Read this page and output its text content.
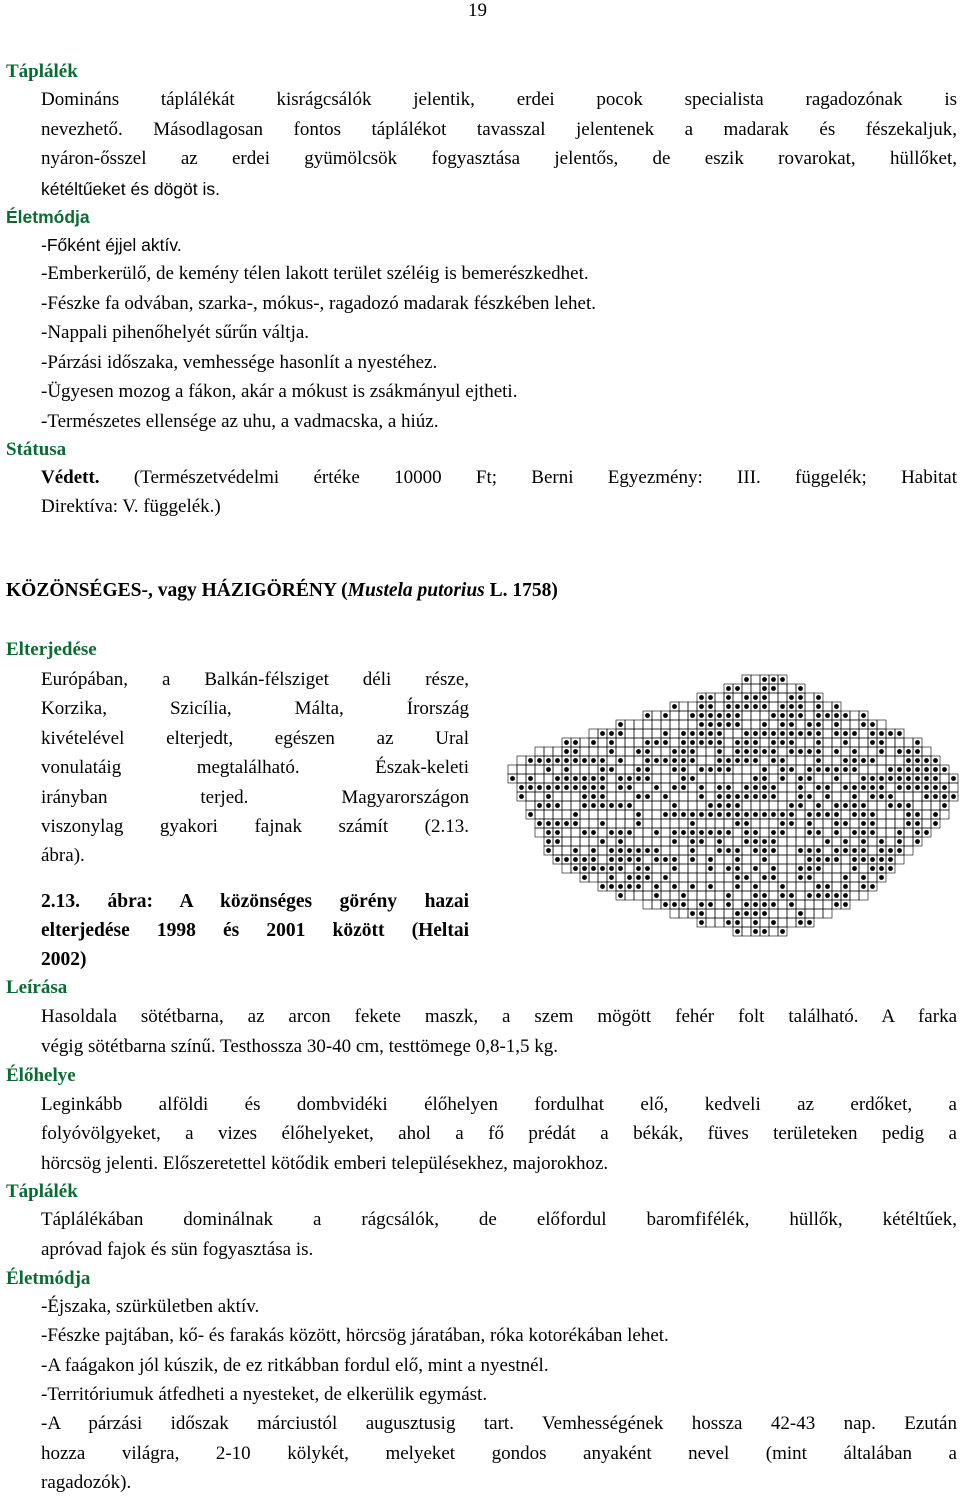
19
Táplálék
Domináns táplálékát kisrágcsálók jelentik, erdei pocok specialista ragadozónak is
nevezhető. Másodlagosan fontos táplálékot tavasszal jelentenek a madarak és fészekaljuk,
nyáron-ősszel az erdei gyümölcsök fogyasztása jelentős, de eszik rovarokat, hüllőket,
kétéltűeket és dögöt is.
Életmódja
-Főként éjjel aktív.
-Emberkerülő, de kemény télen lakott terület széléig is bemerészkedhet.
-Fészke fa odvában, szarka-, mókus-, ragadozó madarak fészkében lehet.
-Nappali pihenőhelyét sűrűn váltja.
-Párzási időszaka, vemhessége hasonlít a nyestéhez.
-Ügyesen mozog a fákon, akár a mókust is zsákmányul ejtheti.
-Természetes ellensége az uhu, a vadmacska, a hiúz.
Státusa
Védett. (Természetvédelmi értéke 10000 Ft; Berni Egyezmény: III. függelék; Habitat
Direktíva: V. függelék.)
KÖZÖNSÉGES-, vagy HÁZIGÖRÉNY (Mustela putorius L. 1758)
Elterjedése
Európában, a Balkán-félsziget déli része,
Korzika, Szicília, Málta, Írország
kivételével elterjedt, egészen az Ural
vonulatáig megtalálható. Észak-keleti
irányban terjed. Magyarországon
viszonylag gyakori fajnak számít (2.13.
ábra).
2.13. ábra: A közönséges görény hazai
elterjedése 1998 és 2001 között (Heltai
2002)
Leírása
Hasoldala sötétbarna, az arcon fekete maszk, a szem mögött fehér folt található. A farka
végig sötétbarna színű. Testhossza 30-40 cm, testtömege 0,8-1,5 kg.
Élőhelye
Leginkább alföldi és dombvidéki élőhelyen fordulhat elő, kedveli az erdőket, a
folyóvölgyeket, a vizes élőhelyeket, ahol a fő prédát a békák, füves területeken pedig a
hörcsög jelenti. Előszeretettel kötődik emberi településekhez, majorokhoz.
Táplálék
Táplálékában dominálnak a rágcsálók, de előfordul baromfifélék, hüllők, kétéltűek,
apróvad fajok és sün fogyasztása is.
Életmódja
-Éjszaka, szürkületben aktív.
-Fészke pajtában, kő- és farakás között, hörcsög járatában, róka kotorékában lehet.
-A faágakon jól kúszik, de ez ritkábban fordul elő, mint a nyestnél.
-Territóriumuk átfedheti a nyesteket, de elkerülik egymást.
-A párzási időszak márciustól augusztusig tart. Vemhességének hossza 42-43 nap. Ezután
hozza világra, 2-10 kölykét, melyeket gondos anyaként nevel (mint általában a
ragadozók).
